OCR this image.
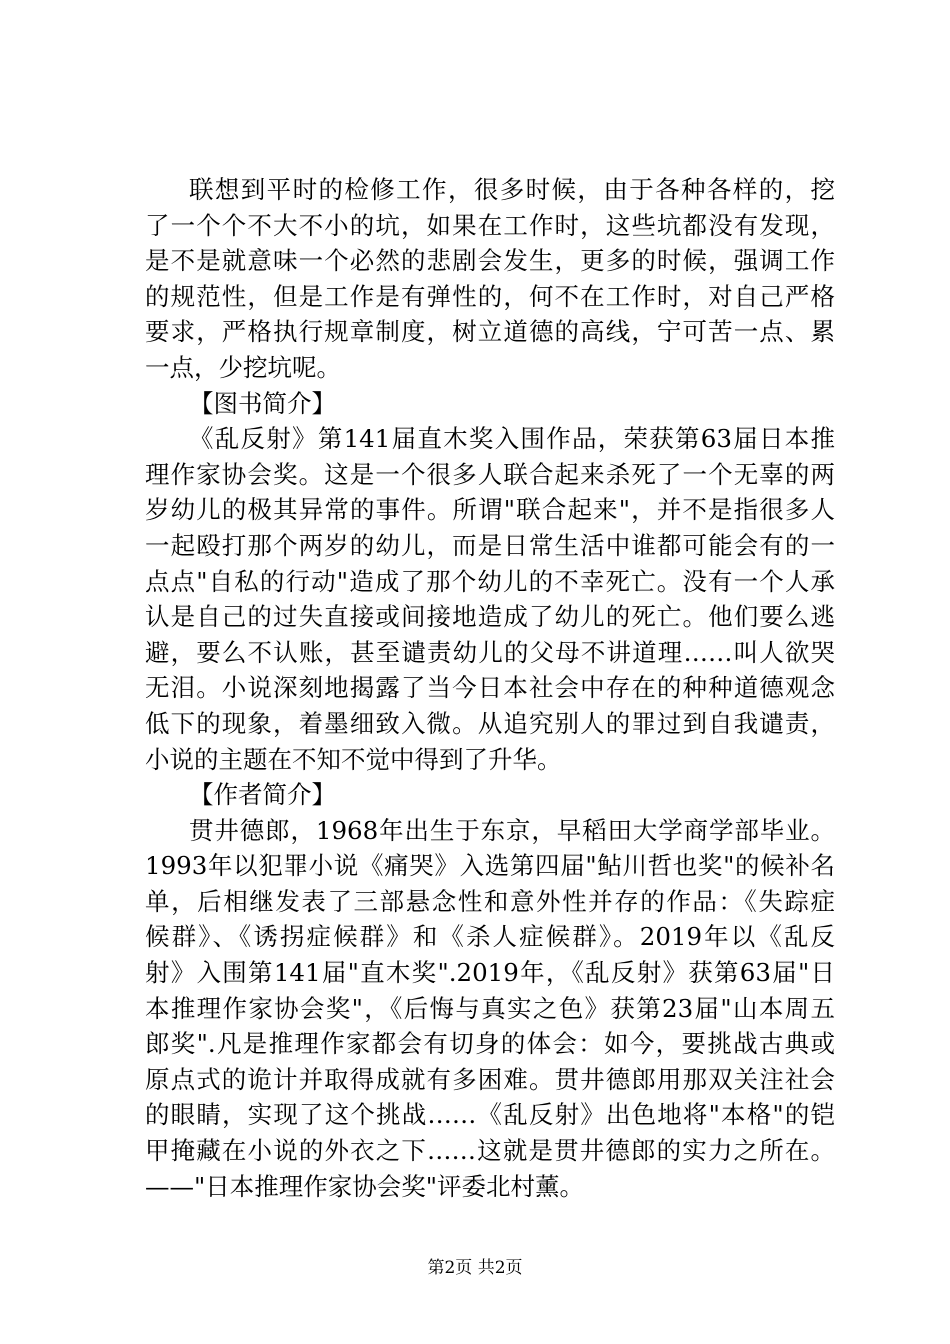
联想到平时的检修工作，很多时候，由于各种各样的，挖
了一个个不大不小的坑，如果在工作时，这些坑都没有发现，
是不是就意味一个必然的悲剧会发生，更多的时候，强调工作
的规范性，但是工作是有弹性的，何不在工作时，对自己严格
要求，严格执行规章制度，树立道德的高线，宁可苦一点、累
一点，少挖坑呢。
【图书简介】
《乱反射》第141届直木奖入围作品，荣获第63届日本推
理作家协会奖。这是一个很多人联合起来杀死了一个无辜的两
岁幼儿的极其异常的事件。所谓"联合起来"，并不是指很多人
一起殴打那个两岁的幼儿，而是日常生活中谁都可能会有的一
点点"自私的行动"造成了那个幼儿的不幸死亡。没有一个人承
认是自己的过失直接或间接地造成了幼儿的死亡。他们要么逃
避，要么不认账，甚至谴责幼儿的父母不讲道理……叫人欲哭
无泪。小说深刻地揭露了当今日本社会中存在的种种道德观念
低下的现象，着墨细致入微。从追究别人的罪过到自我谴责，
小说的主题在不知不觉中得到了升华。
【作者简介】
贯井德郎，1968年出生于东京，早稻田大学商学部毕业。
1993年以犯罪小说《痛哭》入选第四届"鲇川哲也奖"的候补名
单，后相继发表了三部悬念性和意外性并存的作品：《失踪症
候群》、《诱拐症候群》和《杀人症候群》。2019年以《乱反
射》入围第141届"直木奖".2019年，《乱反射》获第63届"日
本推理作家协会奖"，《后悔与真实之色》获第23届"山本周五
郎奖".凡是推理作家都会有切身的体会：如今，要挑战古典或
原点式的诡计并取得成就有多困难。贯井德郎用那双关注社会
的眼睛，实现了这个挑战……《乱反射》出色地将"本格"的铠
甲掩藏在小说的外衣之下……这就是贯井德郎的实力之所在。
——"日本推理作家协会奖"评委北村薰。
第2页 共2页
